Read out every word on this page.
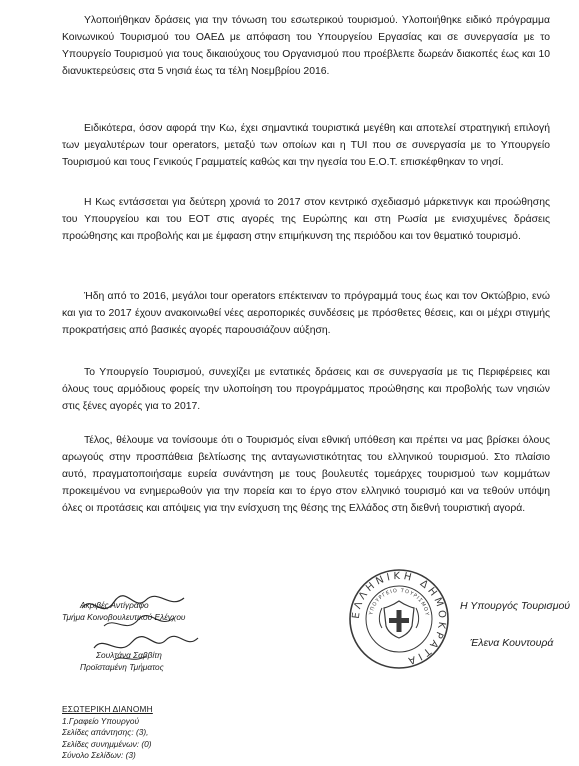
Υλοποιήθηκαν δράσεις για την τόνωση του εσωτερικού τουρισμού. Υλοποιήθηκε ειδικό πρόγραμμα Κοινωνικού Τουρισμού του ΟΑΕΔ με απόφαση του Υπουργείου Εργασίας και σε συνεργασία με το Υπουργείο Τουρισμού για τους δικαιούχους του Οργανισμού που προέβλεπε δωρεάν διακοπές έως και 10 διανυκτερεύσεις στα 5 νησιά έως τα τέλη Νοεμβρίου 2016.

Ειδικότερα, όσον αφορά την Κω, έχει σημαντικά τουριστικά μεγέθη και αποτελεί στρατηγική επιλογή των μεγαλυτέρων tour operators, μεταξύ των οποίων και η TUI που σε συνεργασία με το Υπουργείο Τουρισμού και τους Γενικούς Γραμματείς καθώς και την ηγεσία του Ε.Ο.Τ. επισκέφθηκαν το νησί.

Η Κως εντάσσεται για δεύτερη χρονιά το 2017 στον κεντρικό σχεδιασμό μάρκετινγκ και προώθησης του Υπουργείου και του ΕΟΤ στις αγορές της Ευρώπης και στη Ρωσία με ενισχυμένες δράσεις προώθησης και προβολής και με έμφαση στην επιμήκυνση της περιόδου και τον θεματικό τουρισμό.

Ήδη από το 2016, μεγάλοι tour operators επέκτειναν το πρόγραμμά τους έως και τον Οκτώβριο, ενώ και για το 2017 έχουν ανακοινωθεί νέες αεροπορικές συνδέσεις με πρόσθετες θέσεις, και οι μέχρι στιγμής προκρατήσεις από βασικές αγορές παρουσιάζουν αύξηση.

Το Υπουργείο Τουρισμού, συνεχίζει με εντατικές δράσεις και σε συνεργασία με τις Περιφέρειες και όλους τους αρμόδιους φορείς την υλοποίηση του προγράμματος προώθησης και προβολής των νησιών στις ξένες αγορές για το 2017.

Τέλος, θέλουμε να τονίσουμε ότι ο Τουρισμός είναι εθνική υπόθεση και πρέπει να μας βρίσκει όλους αρωγούς στην προσπάθεια βελτίωσης της ανταγωνιστικότητας του ελληνικού τουρισμού. Στο πλαίσιο αυτό, πραγματοποιήσαμε ευρεία συνάντηση με τους βουλευτές τομεάρχες τουρισμού των κομμάτων προκειμένου να ενημερωθούν για την πορεία και το έργο στον ελληνικό τουρισμό και να τεθούν υπόψη όλες οι προτάσεις και απόψεις για την ενίσχυση της θέσης της Ελλάδος στη διεθνή τουριστική αγορά.

ΕΛΛΗΝΙΚΗ ΔΗΜΟΚΡΑΤΙΑ
ΥΠΟΥΡΓΕΙΟ ΤΟΥΡΙΣΜΟΥ
Η Υπουργός Τουρισμού
Έλενα Κουντουρά
Ακριβές Αντίγραφο
Τμήμα Κοινοβουλευτικού Ελέγχου
Σουλτάνα Σαββίτη
Προϊσταμένη Τμήματος
ΕΣΩΤΕΡΙΚΗ ΔΙΑΝΟΜΗ
1.Γραφείο Υπουργού
Σελίδες απάντησης: (3),
Σελίδες συνημμένων: (0)
Σύνολο Σελίδων: (3)
